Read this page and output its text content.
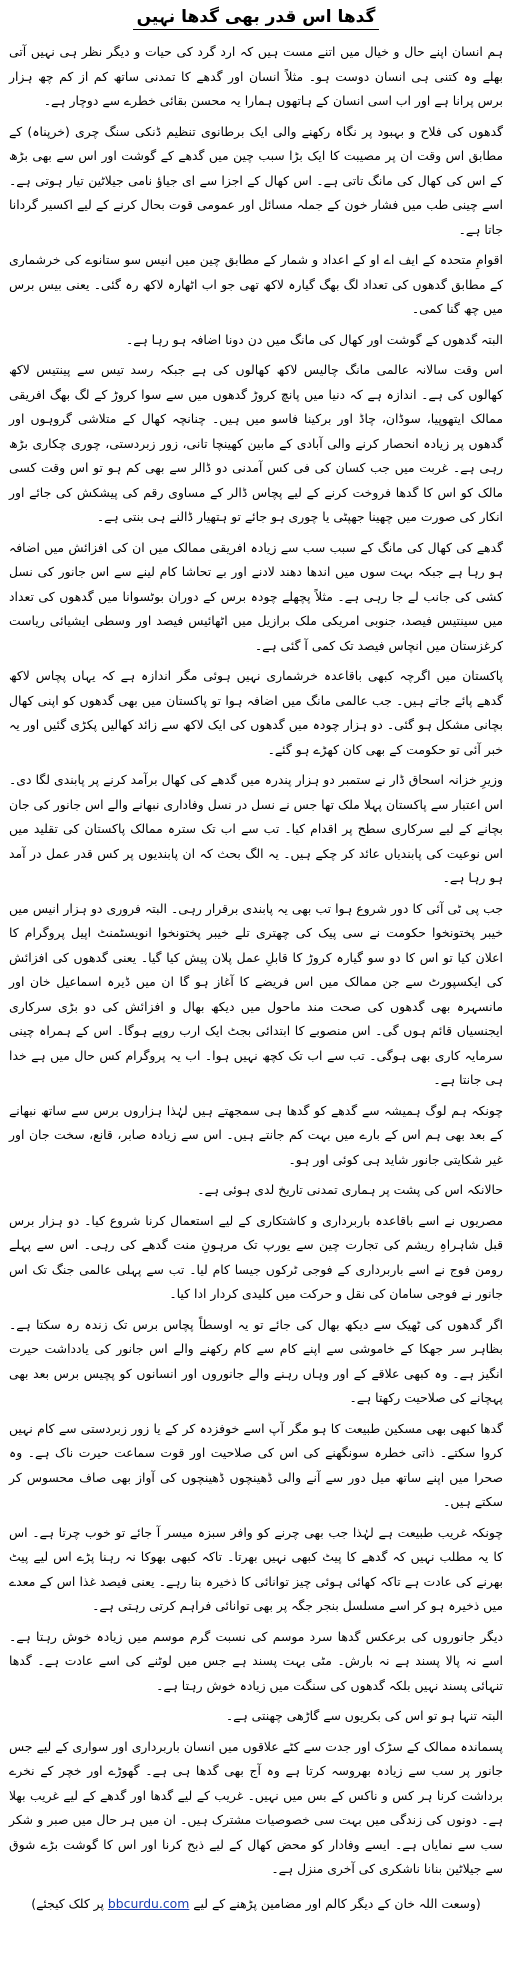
گدھا اس قدر بھی گدھا نہیں

ہم انسان اپنے حال و خیال میں اتنے مست ہیں کہ ارد گرد کی حیات و دیگر نظر ہی نہیں آتی بھلے وہ کتنی ہی انسان دوست ہو۔ مثلاً انسان اور گدھے کا تمدنی ساتھ کم از کم چھ ہزار برس پرانا ہے اور اب اسی انسان کے ہاتھوں ہمارا یہ محسن بقائی خطرے سے دوچار ہے۔

گدھوں کی فلاح و بہبود پر نگاہ رکھنے والی ایک برطانوی تنظیم ڈنکی سنگ چری (خرپناہ) کے مطابق اس وقت ان پر مصیبت کا ایک بڑا سبب چین میں گدھے کے گوشت اور اس سے بھی بڑھ کے اس کی کھال کی مانگ تاتی ہے۔ اس کھال کے اجزا سے ای جیاؤ نامی جیلاٹین تیار ہوتی ہے۔ اسے چینی طب میں فشار خون کے جملہ مسائل اور عمومی قوت بحال کرنے کے لیے اکسیر گردانا جاتا ہے۔

اقوامِ متحدہ کے ایف اے او کے اعداد و شمار کے مطابق چین میں انیس سو ستانوے کی خرشماری کے مطابق گدھوں کی تعداد لگ بھگ گیارہ لاکھ تھی جو اب اٹھارہ لاکھ رہ گئی۔ یعنی بیس برس میں چھ گنا کمی۔

البتہ گدھوں کے گوشت اور کھال کی مانگ میں دن دونا اضافہ ہو رہا ہے۔

اس وقت سالانہ عالمی مانگ چالیس لاکھ کھالوں کی ہے جبکہ رسد تیس سے پینتیس لاکھ کھالوں کی ہے۔ اندازہ ہے کہ دنیا میں پانچ کروڑ گدھوں میں سے سوا کروڑ کے لگ بھگ افریقی ممالک ایتھوپیا، سوڈان، چاڈ اور برکینا فاسو میں ہیں۔ چنانچہ کھال کے متلاشی گروہوں اور گدھوں پر زیادہ انحصار کرنے والی آبادی کے مابین کھینچا تانی، زور زبردستی، چوری چکاری بڑھ رہی ہے۔ غربت میں جب کسان کی فی کس آمدنی دو ڈالر سے بھی کم ہو تو اس وقت کسی مالک کو اس کا گدھا فروخت کرنے کے لیے پچاس ڈالر کے مساوی رقم کی پیشکش کی جائے اور انکار کی صورت میں چھینا جھپٹی یا چوری ہو جائے تو ہتھیار ڈالنے ہی بنتی ہے۔

گدھے کی کھال کی مانگ کے سبب سب سے زیادہ افریقی ممالک میں ان کی افزائش میں اضافہ ہو رہا ہے جبکہ بہت سوں میں اندھا دھند لادنے اور بے تحاشا کام لینے سے اس جانور کی نسل کشی کی جانب لے جا رہی ہے۔ مثلاً پچھلے چودہ برس کے دوران بوٹسوانا میں گدھوں کی تعداد میں سینتیس فیصد، جنوبی امریکی ملک برازیل میں اٹھائیس فیصد اور وسطی ایشیائی ریاست کرغزستان میں انچاس فیصد تک کمی آ گئی ہے۔

پاکستان میں اگرچہ کبھی باقاعدہ خرشماری نہیں ہوئی مگر اندازہ ہے کہ یہاں پچاس لاکھ گدھے پائے جاتے ہیں۔ جب عالمی مانگ میں اضافہ ہوا تو پاکستان میں بھی گدھوں کو اپنی کھال بچانی مشکل ہو گئی۔ دو ہزار چودہ میں گدھوں کی ایک لاکھ سے زائد کھالیں پکڑی گئیں اور یہ خبر آئی تو حکومت کے بھی کان کھڑے ہو گئے۔

وزیرِ خزانہ اسحاق ڈار نے ستمبر دو ہزار پندرہ میں گدھے کی کھال برآمد کرنے پر پابندی لگا دی۔ اس اعتبار سے پاکستان پہلا ملک تھا جس نے نسل در نسل وفاداری نبھانے والے اس جانور کی جان بچانے کے لیے سرکاری سطح پر اقدام کیا۔ تب سے اب تک سترہ ممالک پاکستان کی تقلید میں اس نوعیت کی پابندیاں عائد کر چکے ہیں۔ یہ الگ بحث کہ ان پابندیوں پر کس قدر عمل در آمد ہو رہا ہے۔

جب پی ٹی آئی کا دور شروع ہوا تب بھی یہ پابندی برقرار رہی۔ البتہ فروری دو ہزار انیس میں خیبر پختونخوا حکومت نے سی پیک کی چھتری تلے خیبر پختونخوا انویسٹمنٹ اپیل پروگرام کا اعلان کیا تو اس کا دو سو گیارہ کروڑ کا قابلِ عمل پلان پیش کیا گیا۔ یعنی گدھوں کی افزائش کی ایکسپورٹ سے جن ممالک میں اس فریضے کا آغاز ہو گا ان میں ڈیرہ اسماعیل خان اور مانسہرہ بھی گدھوں کی صحت مند ماحول میں دیکھ بھال و افزائش کی دو بڑی سرکاری ایجنسیاں قائم ہوں گی۔ اس منصوبے کا ابتدائی بجٹ ایک ارب روپے ہوگا۔ اس کے ہمراہ چینی سرمایہ کاری بھی ہوگی۔ تب سے اب تک کچھ نہیں ہوا۔ اب یہ پروگرام کس حال میں ہے خدا ہی جانتا ہے۔

چونکہ ہم لوگ ہمیشہ سے گدھے کو گدھا ہی سمجھتے ہیں لہٰذا ہزاروں برس سے ساتھ نبھانے کے بعد بھی ہم اس کے بارے میں بہت کم جانتے ہیں۔ اس سے زیادہ صابر، قانع، سخت جان اور غیر شکایتی جانور شاید ہی کوئی اور ہو۔

حالانکہ اس کی پشت پر ہماری تمدنی تاریخ لدی ہوئی ہے۔

مصریوں نے اسے باقاعدہ باربرداری و کاشتکاری کے لیے استعمال کرنا شروع کیا۔ دو ہزار برس قبل شاہراہِ ریشم کی تجارت چین سے یورپ تک مرہونِ منت گدھے کی رہی۔ اس سے پہلے رومن فوج نے اسے باربرداری کے فوجی ٹرکوں جیسا کام لیا۔ تب سے پہلی عالمی جنگ تک اس جانور نے فوجی سامان کی نقل و حرکت میں کلیدی کردار ادا کیا۔

اگر گدھوں کی ٹھیک سے دیکھ بھال کی جائے تو یہ اوسطاً پچاس برس تک زندہ رہ سکتا ہے۔ بظاہر سر جھکا کے خاموشی سے اپنے کام سے کام رکھنے والے اس جانور کی یادداشت حیرت انگیز ہے۔ وہ کبھی علاقے کے اور وہاں رہنے والے جانوروں اور انسانوں کو پچیس برس بعد بھی پہچانے کی صلاحیت رکھتا ہے۔

گدھا کبھی بھی مسکین طبیعت کا ہو مگر آپ اسے خوفزدہ کر کے یا زور زبردستی سے کام نہیں کروا سکتے۔ ذاتی خطرہ سونگھنے کی اس کی صلاحیت اور قوت سماعت حیرت ناک ہے۔ وہ صحرا میں اپنے ساتھ میل دور سے آنے والی ڈھینچوں ڈھینچوں کی آواز بھی صاف محسوس کر سکتے ہیں۔

چونکہ غریب طبیعت ہے لہٰذا جب بھی چرنے کو وافر سبزہ میسر آ جائے تو خوب چرتا ہے۔ اس کا یہ مطلب نہیں کہ گدھے کا پیٹ کبھی نہیں بھرتا۔ تاکہ کبھی بھوکا نہ رہنا پڑے اس لیے پیٹ بھرنے کی عادت ہے تاکہ کھائی ہوئی چیز توانائی کا ذخیرہ بنا رہے۔ یعنی فیصد غذا اس کے معدے میں ذخیرہ ہو کر اسے مسلسل بنجر جگہ پر بھی توانائی فراہم کرتی رہتی ہے۔

دیگر جانوروں کی برعکس گدھا سرد موسم کی نسبت گرم موسم میں زیادہ خوش رہتا ہے۔ اسے نہ پالا پسند ہے نہ بارش۔ مٹی بہت پسند ہے جس میں لوٹنے کی اسے عادت ہے۔ گدھا تنہائی پسند نہیں بلکہ گدھوں کی سنگت میں زیادہ خوش رہتا ہے۔

البتہ تنہا ہو تو اس کی بکریوں سے گاڑھی چھنتی ہے۔

پسماندہ ممالک کے سڑک اور جدت سے کٹے علاقوں میں انسان باربرداری اور سواری کے لیے جس جانور پر سب سے زیادہ بھروسہ کرتا ہے وہ آج بھی گدھا ہی ہے۔ گھوڑے اور خچر کے نخرے برداشت کرنا ہر کس و ناکس کے بس میں نہیں۔ غریب کے لیے گدھا اور گدھے کے لیے غریب بھلا ہے۔ دونوں کی زندگی میں بہت سی خصوصیات مشترک ہیں۔ ان میں ہر حال میں صبر و شکر سب سے نمایاں ہے۔ ایسے وفادار کو محض کھال کے لیے ذبح کرنا اور اس کا گوشت بڑے شوق سے جیلاٹین بنانا ناشکری کی آخری منزل ہے۔

(وسعت اللہ خان کے دیگر کالم اور مضامین پڑھنے کے لیے bbcurdu.com پر کلک کیجئے)
